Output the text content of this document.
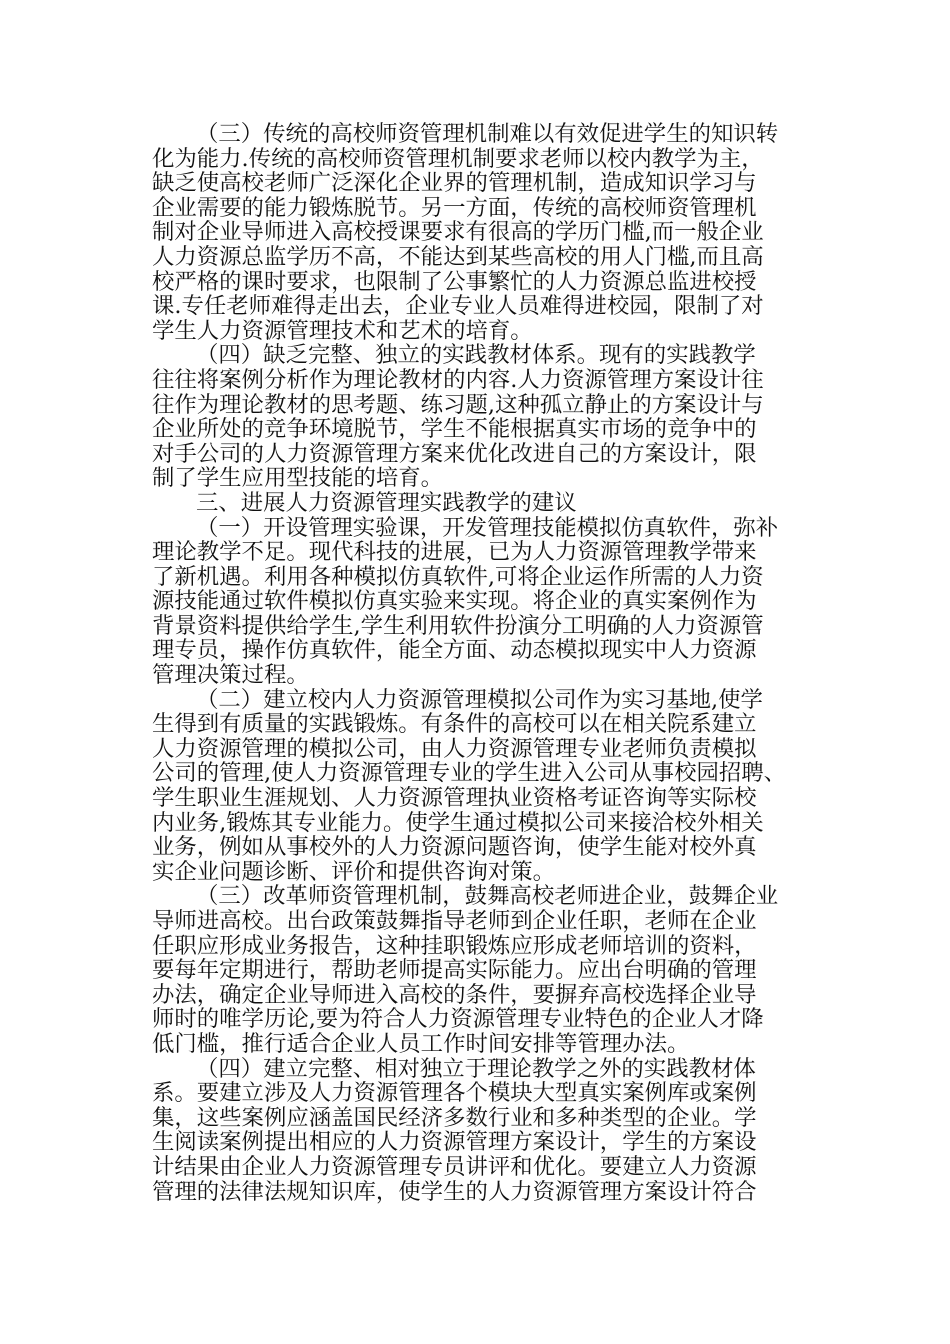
（三）传统的高校师资管理机制难以有效促进学生的知识转
化为能力.传统的高校师资管理机制要求老师以校内教学为主，
缺乏使高校老师广泛深化企业界的管理机制，造成知识学习与
企业需要的能力锻炼脱节。另一方面，传统的高校师资管理机
制对企业导师进入高校授课要求有很高的学历门槛,而一般企业
人力资源总监学历不高，不能达到某些高校的用人门槛,而且高
校严格的课时要求，也限制了公事繁忙的人力资源总监进校授
课.专任老师难得走出去，企业专业人员难得进校园，限制了对
学生人力资源管理技术和艺术的培育。
（四）缺乏完整、独立的实践教材体系。现有的实践教学
往往将案例分析作为理论教材的内容.人力资源管理方案设计往
往作为理论教材的思考题、练习题,这种孤立静止的方案设计与
企业所处的竞争环境脱节，学生不能根据真实市场的竞争中的
对手公司的人力资源管理方案来优化改进自己的方案设计，限
制了学生应用型技能的培育。
三、进展人力资源管理实践教学的建议
（一）开设管理实验课，开发管理技能模拟仿真软件，弥补
理论教学不足。现代科技的进展，已为人力资源管理教学带来
了新机遇。利用各种模拟仿真软件,可将企业运作所需的人力资
源技能通过软件模拟仿真实验来实现。将企业的真实案例作为
背景资料提供给学生,学生利用软件扮演分工明确的人力资源管
理专员，操作仿真软件，能全方面、动态模拟现实中人力资源
管理决策过程。
（二）建立校内人力资源管理模拟公司作为实习基地,使学
生得到有质量的实践锻炼。有条件的高校可以在相关院系建立
人力资源管理的模拟公司，由人力资源管理专业老师负责模拟
公司的管理,使人力资源管理专业的学生进入公司从事校园招聘、
学生职业生涯规划、人力资源管理执业资格考证咨询等实际校
内业务,锻炼其专业能力。使学生通过模拟公司来接洽校外相关
业务，例如从事校外的人力资源问题咨询，使学生能对校外真
实企业问题诊断、评价和提供咨询对策。
（三）改革师资管理机制，鼓舞高校老师进企业，鼓舞企业
导师进高校。出台政策鼓舞指导老师到企业任职，老师在企业
任职应形成业务报告，这种挂职锻炼应形成老师培训的资料，
要每年定期进行，帮助老师提高实际能力。应出台明确的管理
办法，确定企业导师进入高校的条件，要摒弃高校选择企业导
师时的唯学历论,要为符合人力资源管理专业特色的企业人才降
低门槛，推行适合企业人员工作时间安排等管理办法。
（四）建立完整、相对独立于理论教学之外的实践教材体
系。要建立涉及人力资源管理各个模块大型真实案例库或案例
集，这些案例应涵盖国民经济多数行业和多种类型的企业。学
生阅读案例提出相应的人力资源管理方案设计，学生的方案设
计结果由企业人力资源管理专员讲评和优化。要建立人力资源
管理的法律法规知识库，使学生的人力资源管理方案设计符合
